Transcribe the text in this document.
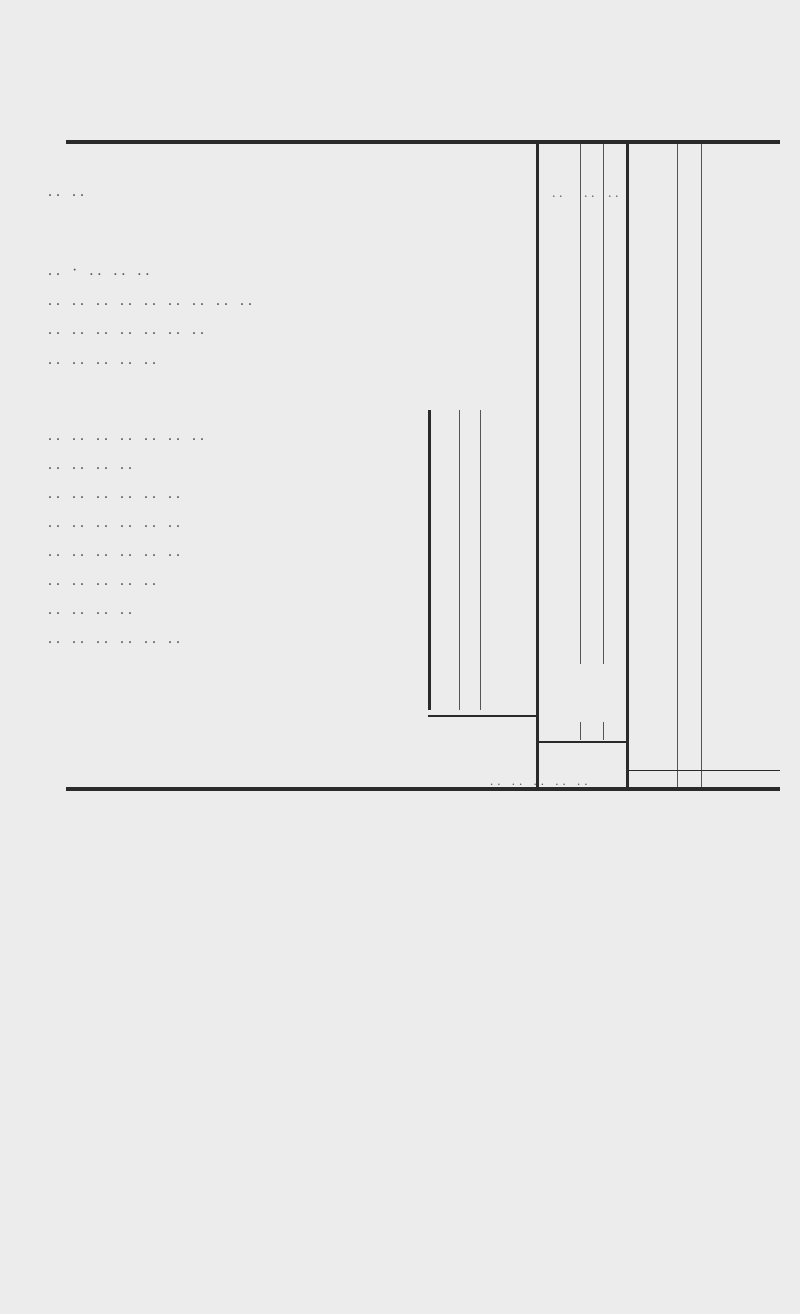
.. ..	. . . . . .
.. · .. .. ..
.. .. .. .. .. .. .. .. ..
.. .. .. .. .. .. ..
.. .. .. .. ..
.. .. .. .. .. .. ..
.. .. .. ..
.. .. .. .. .. ..
.. .. .. .. .. ..
.. .. .. .. .. ..
.. .. .. .. ..
.. .. .. ..
.. .. .. .. .. ..
.. .. .. .. ..
